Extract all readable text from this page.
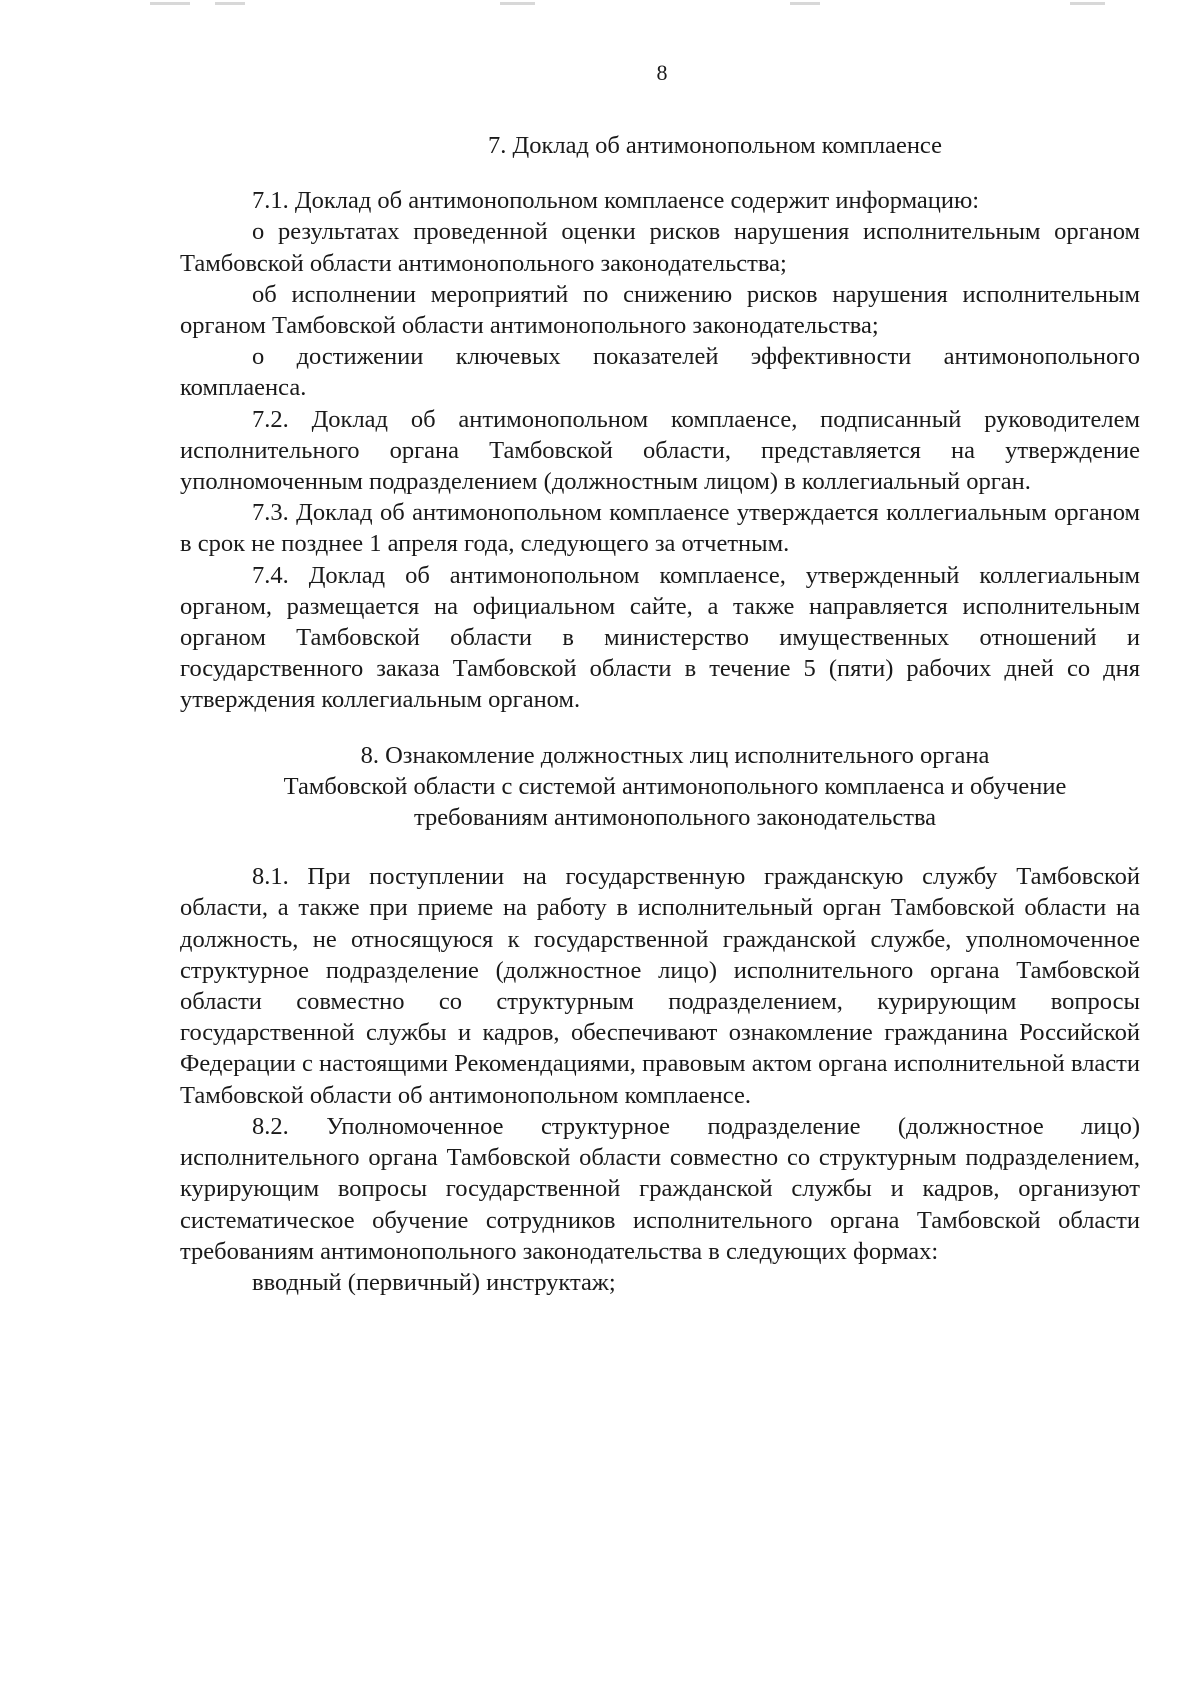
8

7. Доклад об антимонопольном комплаенсе

7.1. Доклад об антимонопольном комплаенсе содержит информацию:

о результатах проведенной оценки рисков нарушения исполнительным органом Тамбовской области антимонопольного законодательства;

об исполнении мероприятий по снижению рисков нарушения исполнительным органом Тамбовской области антимонопольного законодательства;

о достижении ключевых показателей эффективности антимонопольного комплаенса.

7.2. Доклад об антимонопольном комплаенсе, подписанный руководителем исполнительного органа Тамбовской области, представляется на утверждение уполномоченным подразделением (должностным лицом) в коллегиальный орган.

7.3. Доклад об антимонопольном комплаенсе утверждается коллегиальным органом в срок не позднее 1 апреля года, следующего за отчетным.

7.4. Доклад об антимонопольном комплаенсе, утвержденный коллегиальным органом, размещается на официальном сайте, а также направляется исполнительным органом Тамбовской области в министерство имущественных отношений и государственного заказа Тамбовской области в течение 5 (пяти) рабочих дней со дня утверждения коллегиальным органом.

8. Ознакомление должностных лиц исполнительного органа
Тамбовской области с системой антимонопольного комплаенса и обучение
требованиям антимонопольного законодательства

8.1. При поступлении на государственную гражданскую службу Тамбовской области, а также при приеме на работу в исполнительный орган Тамбовской области на должность, не относящуюся к государственной гражданской службе, уполномоченное структурное подразделение (должностное лицо) исполнительного органа Тамбовской области совместно со структурным подразделением, курирующим вопросы государственной службы и кадров, обеспечивают ознакомление гражданина Российской Федерации с настоящими Рекомендациями, правовым актом органа исполнительной власти Тамбовской области об антимонопольном комплаенсе.

8.2. Уполномоченное структурное подразделение (должностное лицо) исполнительного органа Тамбовской области совместно со структурным подразделением, курирующим вопросы государственной гражданской службы и кадров, организуют систематическое обучение сотрудников исполнительного органа Тамбовской области требованиям антимонопольного законодательства в следующих формах:

вводный (первичный) инструктаж;
